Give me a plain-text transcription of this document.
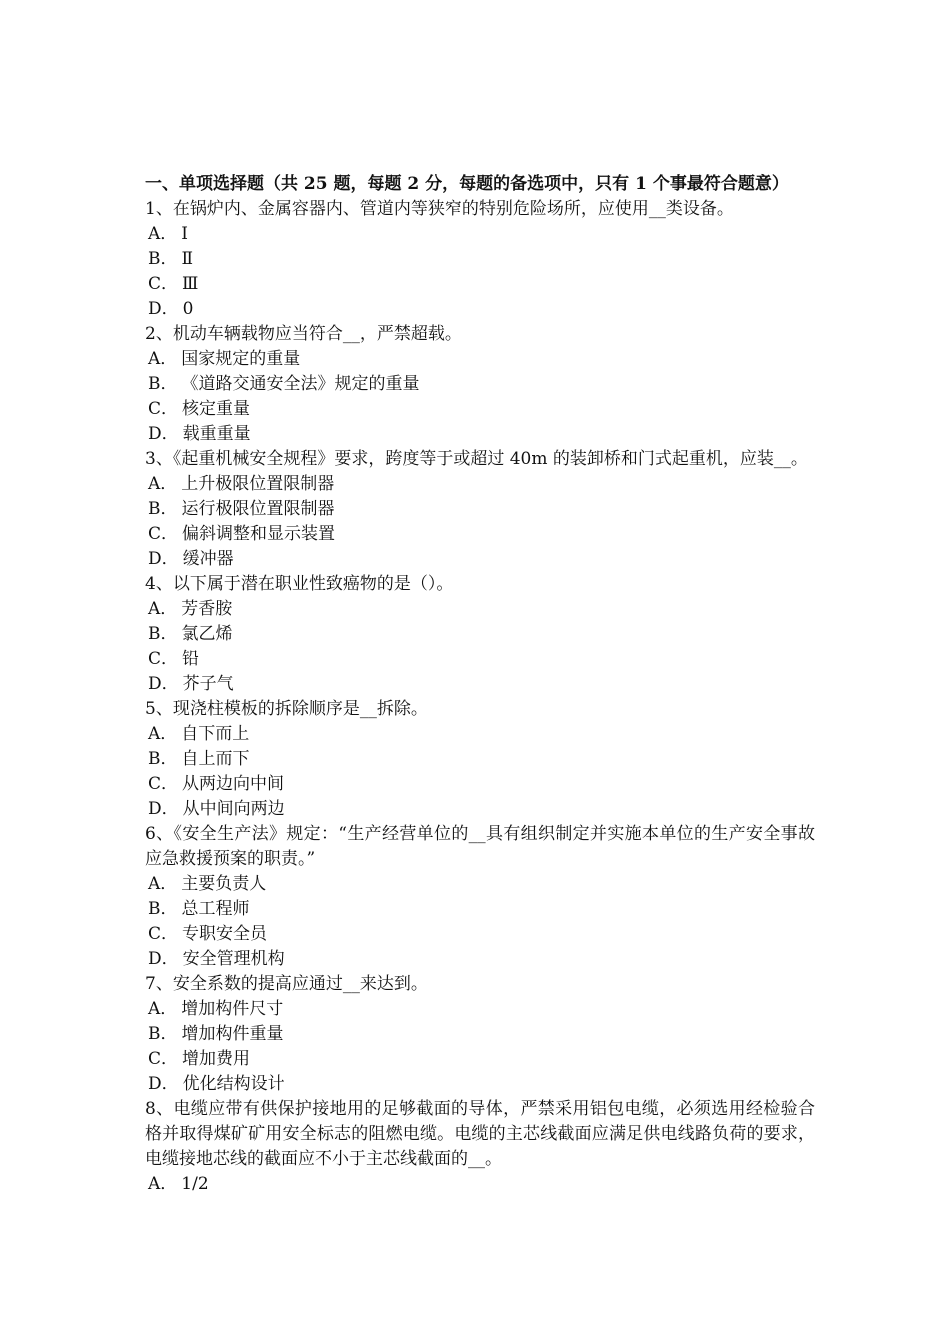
一、单项选择题（共 25 题，每题 2 分，每题的备选项中，只有 1 个事最符合题意）

1、在锅炉内、金属容器内、管道内等狭窄的特别危险场所，应使用__类设备。

A． Ⅰ

B． Ⅱ

C． Ⅲ

D． 0

2、机动车辆载物应当符合__，严禁超载。

A． 国家规定的重量

B． 《道路交通安全法》规定的重量

C． 核定重量

D． 载重重量

3、《起重机械安全规程》要求，跨度等于或超过 40m 的装卸桥和门式起重机，应装__。

A． 上升极限位置限制器

B． 运行极限位置限制器

C． 偏斜调整和显示装置

D． 缓冲器

4、以下属于潜在职业性致癌物的是（）。

A． 芳香胺

B． 氯乙烯

C． 铅

D． 芥子气

5、现浇柱模板的拆除顺序是__拆除。

A． 自下而上

B． 自上而下

C． 从两边向中间

D． 从中间向两边

6、《安全生产法》规定：“生产经营单位的__具有组织制定并实施本单位的生产安全事故应急救援预案的职责。”

A． 主要负责人

B． 总工程师

C． 专职安全员

D． 安全管理机构

7、安全系数的提高应通过__来达到。

A． 增加构件尺寸

B． 增加构件重量

C． 增加费用

D． 优化结构设计

8、电缆应带有供保护接地用的足够截面的导体，严禁采用铝包电缆，必须选用经检验合格并取得煤矿矿用安全标志的阻燃电缆。电缆的主芯线截面应满足供电线路负荷的要求，电缆接地芯线的截面应不小于主芯线截面的__。

A． 1/2
